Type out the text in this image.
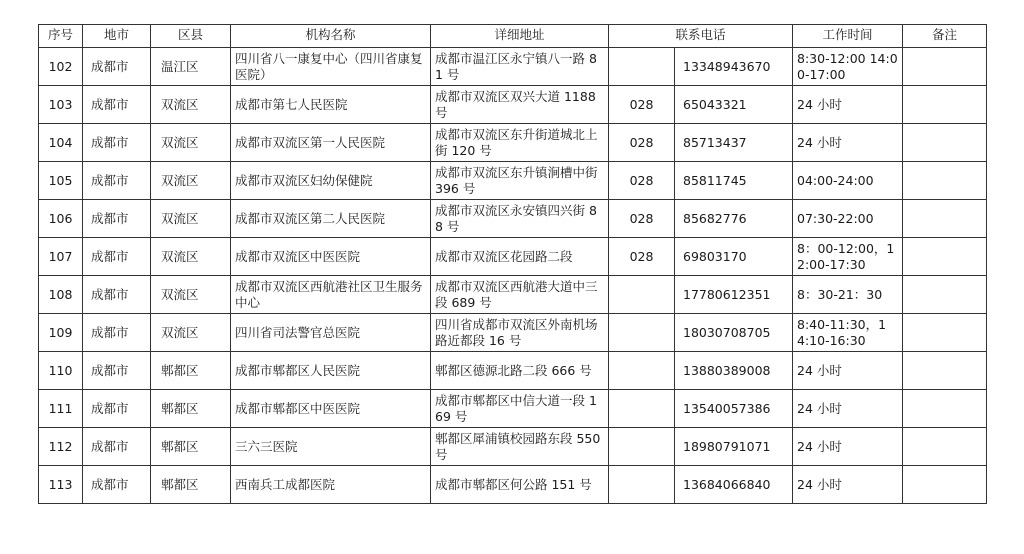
序号	地市	区县	机构名称	详细地址	联系电话		工作时间	备注
102	成都市	温江区	四川省八一康复中心（四川省康复医院）	成都市温江区永宁镇八一路 81 号		13348943670	8:30-12:00 14:00-17:00	
103	成都市	双流区	成都市第七人民医院	成都市双流区双兴大道 1188 号	028	65043321	24 小时	
104	成都市	双流区	成都市双流区第一人民医院	成都市双流区东升街道城北上街 120 号	028	85713437	24 小时	
105	成都市	双流区	成都市双流区妇幼保健院	成都市双流区东升镇涧槽中街 396 号	028	85811745	04:00-24:00	
106	成都市	双流区	成都市双流区第二人民医院	成都市双流区永安镇四兴街 88 号	028	85682776	07:30-22:00	
107	成都市	双流区	成都市双流区中医医院	成都市双流区花园路二段	028	69803170	8：00-12:00，12:00-17:30	
108	成都市	双流区	成都市双流区西航港社区卫生服务中心	成都市双流区西航港大道中三段 689 号		17780612351	8：30-21：30	
109	成都市	双流区	四川省司法警官总医院	四川省成都市双流区外南机场路近都段 16 号		18030708705	8:40-11:30，14:10-16:30	
110	成都市	郫都区	成都市郫都区人民医院	郫都区德源北路二段 666 号		13880389008	24 小时	
111	成都市	郫都区	成都市郫都区中医医院	成都市郫都区中信大道一段 169 号		13540057386	24 小时	
112	成都市	郫都区	三六三医院	郫都区犀浦镇校园路东段 550 号		18980791071	24 小时	
113	成都市	郫都区	西南兵工成都医院	成都市郫都区何公路 151 号		13684066840	24 小时	
